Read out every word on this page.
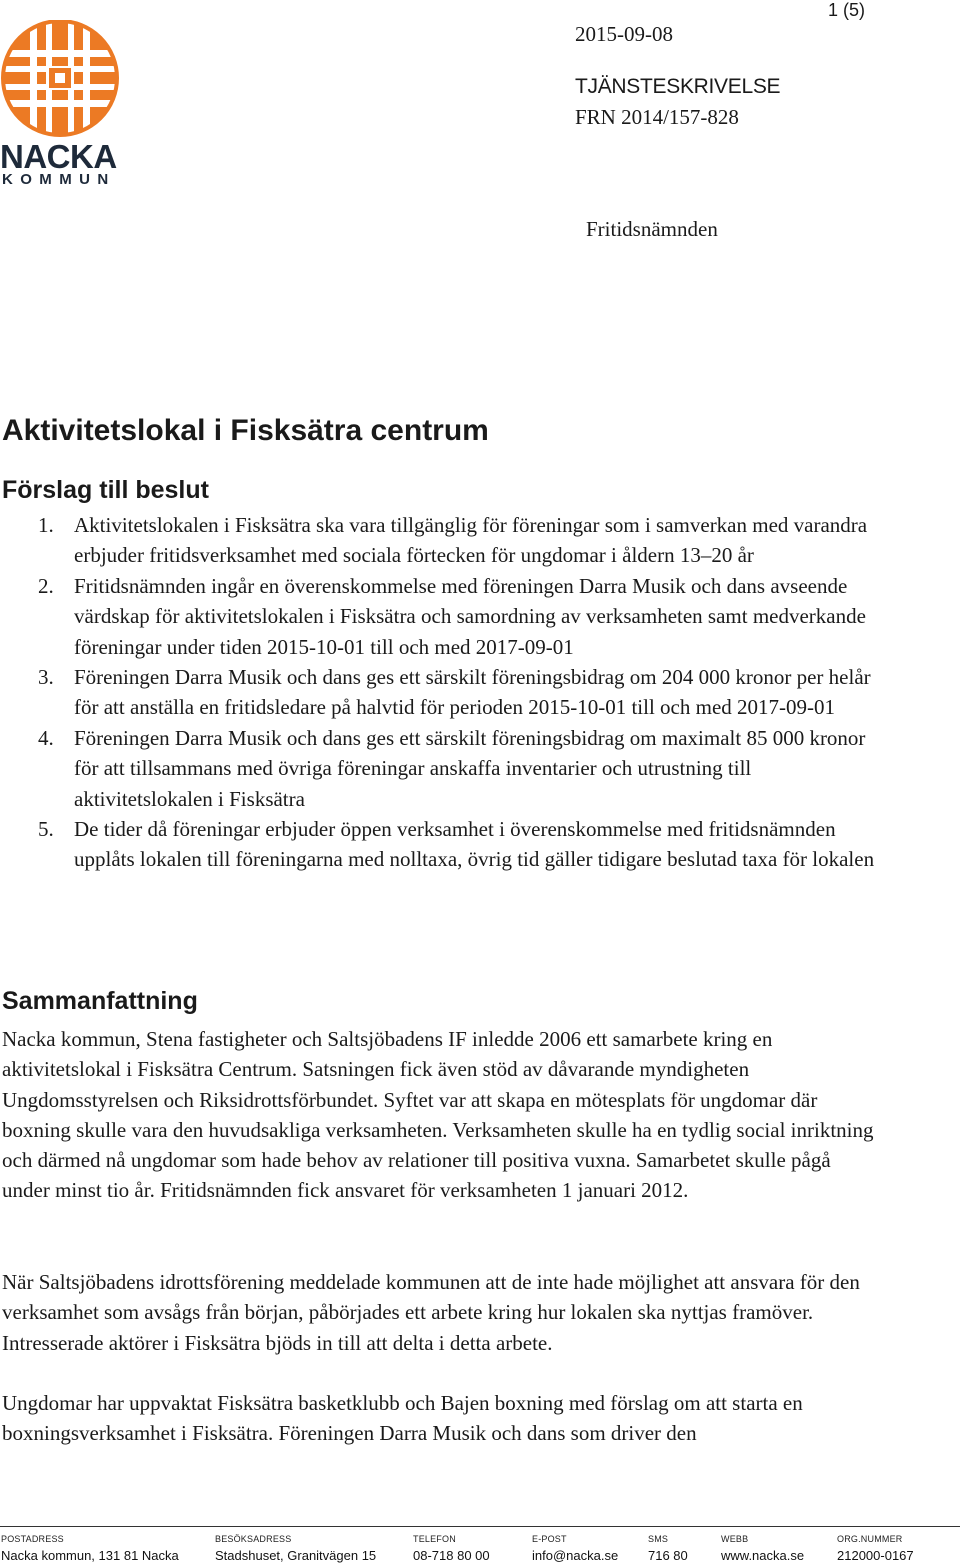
NACKA
KOMMUN
1 (5)
2015-09-08
TJÄNSTESKRIVELSE
FRN 2014/157-828
Fritidsnämnden
Aktivitetslokal i Fisksätra centrum
Förslag till beslut
1. Aktivitetslokalen i Fisksätra ska vara tillgänglig för föreningar som i samverkan med varandra erbjuder fritidsverksamhet med sociala förtecken för ungdomar i åldern 13–20 år
2. Fritidsnämnden ingår en överenskommelse med föreningen Darra Musik och dans avseende värdskap för aktivitetslokalen i Fisksätra och samordning av verksamheten samt medverkande föreningar under tiden 2015-10-01 till och med 2017-09-01
3. Föreningen Darra Musik och dans ges ett särskilt föreningsbidrag om 204 000 kronor per helår för att anställa en fritidsledare på halvtid för perioden 2015-10-01 till och med 2017-09-01
4. Föreningen Darra Musik och dans ges ett särskilt föreningsbidrag om maximalt 85 000 kronor för att tillsammans med övriga föreningar anskaffa inventarier och utrustning till aktivitetslokalen i Fisksätra
5. De tider då föreningar erbjuder öppen verksamhet i överenskommelse med fritidsnämnden upplåts lokalen till föreningarna med nolltaxa, övrig tid gäller tidigare beslutad taxa för lokalen
Sammanfattning

Nacka kommun, Stena fastigheter och Saltsjöbadens IF inledde 2006 ett samarbete kring en aktivitetslokal i Fisksätra Centrum. Satsningen fick även stöd av dåvarande myndigheten Ungdomsstyrelsen och Riksidrottsförbundet. Syftet var att skapa en mötesplats för ungdomar där boxning skulle vara den huvudsakliga verksamheten. Verksamheten skulle ha en tydlig social inriktning och därmed nå ungdomar som hade behov av relationer till positiva vuxna. Samarbetet skulle pågå under minst tio år. Fritidsnämnden fick ansvaret för verksamheten 1 januari 2012.

När Saltsjöbadens idrottsförening meddelade kommunen att de inte hade möjlighet att ansvara för den verksamhet som avsågs från början, påbörjades ett arbete kring hur lokalen ska nyttjas framöver. Intresserade aktörer i Fisksätra bjöds in till att delta i detta arbete.

Ungdomar har uppvaktat Fisksätra basketklubb och Bajen boxning med förslag om att starta en boxningsverksamhet i Fisksätra. Föreningen Darra Musik och dans som driver den

POSTADRESS
Nacka kommun, 131 81 Nacka
BESÖKSADRESS
Stadshuset, Granitvägen 15
TELEFON
08-718 80 00
E-POST
info@nacka.se
SMS
716 80
WEBB
www.nacka.se
ORG.NUMMER
212000-0167
